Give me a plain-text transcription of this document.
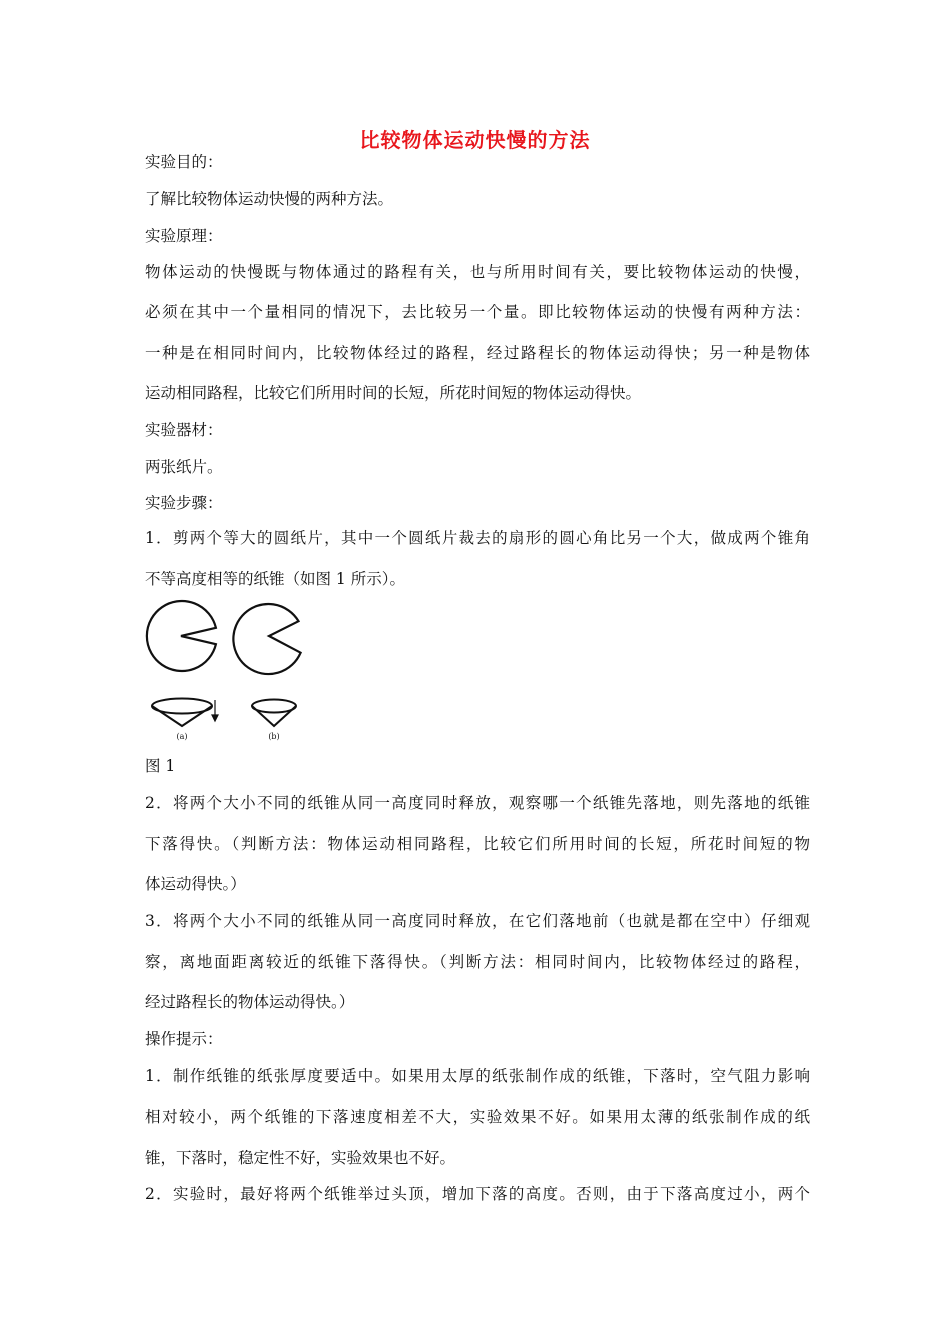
比较物体运动快慢的方法
实验目的：
了解比较物体运动快慢的两种方法。
实验原理：
物体运动的快慢既与物体通过的路程有关，也与所用时间有关，要比较物体运动的快慢，
必须在其中一个量相同的情况下，去比较另一个量。即比较物体运动的快慢有两种方法：
一种是在相同时间内，比较物体经过的路程，经过路程长的物体运动得快；另一种是物体
运动相同路程，比较它们所用时间的长短，所花时间短的物体运动得快。
实验器材：
两张纸片。
实验步骤：
1．剪两个等大的圆纸片，其中一个圆纸片裁去的扇形的圆心角比另一个大，做成两个锥角
不等高度相等的纸锥（如图 1 所示）。
(a)	(b)
图 1
2．将两个大小不同的纸锥从同一高度同时释放，观察哪一个纸锥先落地，则先落地的纸锥
下落得快。（判断方法：物体运动相同路程，比较它们所用时间的长短，所花时间短的物
体运动得快。）
3．将两个大小不同的纸锥从同一高度同时释放，在它们落地前（也就是都在空中）仔细观
察，离地面距离较近的纸锥下落得快。（判断方法：相同时间内，比较物体经过的路程，
经过路程长的物体运动得快。）
操作提示：
1．制作纸锥的纸张厚度要适中。如果用太厚的纸张制作成的纸锥，下落时，空气阻力影响
相对较小，两个纸锥的下落速度相差不大，实验效果不好。如果用太薄的纸张制作成的纸
锥，下落时，稳定性不好，实验效果也不好。
2．实验时，最好将两个纸锥举过头顶，增加下落的高度。否则，由于下落高度过小，两个
